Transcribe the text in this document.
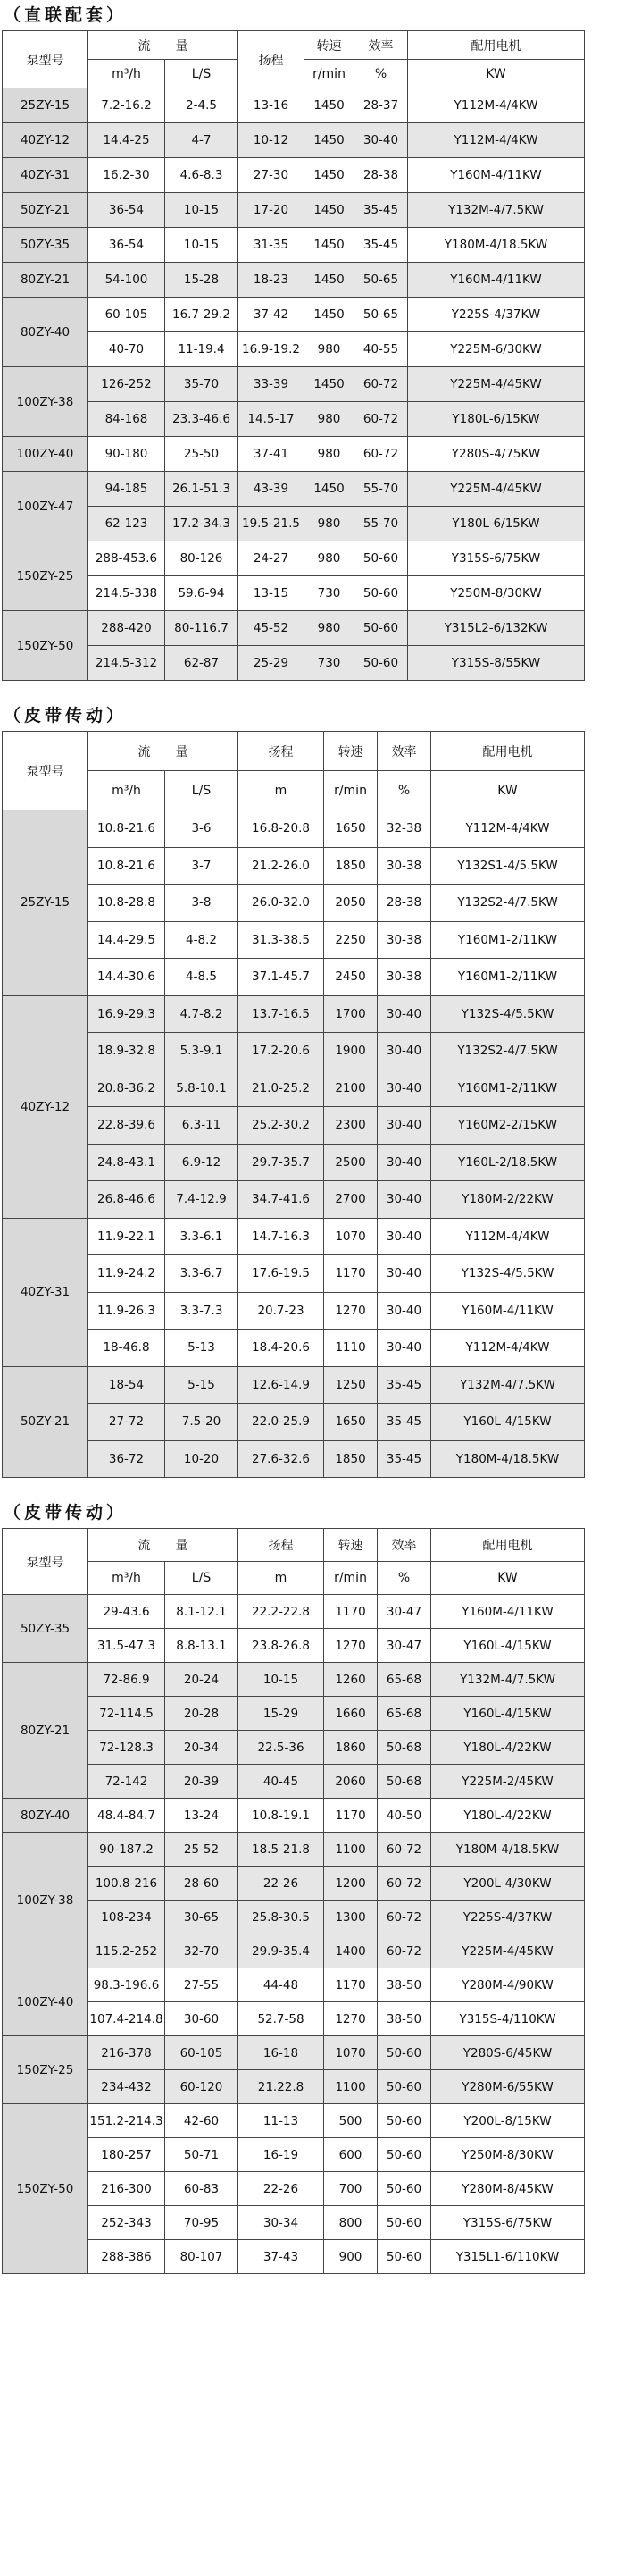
（直联配套）
泵型号	流　　量		扬程	转速	效率	配用电机
	m³/h	L/S		r/min	%	KW
25ZY-15	7.2-16.2	2-4.5	13-16	1450	28-37	Y112M-4/4KW
40ZY-12	14.4-25	4-7	10-12	1450	30-40	Y112M-4/4KW
40ZY-31	16.2-30	4.6-8.3	27-30	1450	28-38	Y160M-4/11KW
50ZY-21	36-54	10-15	17-20	1450	35-45	Y132M-4/7.5KW
50ZY-35	36-54	10-15	31-35	1450	35-45	Y180M-4/18.5KW
80ZY-21	54-100	15-28	18-23	1450	50-65	Y160M-4/11KW
80ZY-40	60-105	16.7-29.2	37-42	1450	50-65	Y225S-4/37KW
	40-70	11-19.4	16.9-19.2	980	40-55	Y225M-6/30KW
100ZY-38	126-252	35-70	33-39	1450	60-72	Y225M-4/45KW
	84-168	23.3-46.6	14.5-17	980	60-72	Y180L-6/15KW
100ZY-40	90-180	25-50	37-41	980	60-72	Y280S-4/75KW
100ZY-47	94-185	26.1-51.3	43-39	1450	55-70	Y225M-4/45KW
	62-123	17.2-34.3	19.5-21.5	980	55-70	Y180L-6/15KW
150ZY-25	288-453.6	80-126	24-27	980	50-60	Y315S-6/75KW
	214.5-338	59.6-94	13-15	730	50-60	Y250M-8/30KW
150ZY-50	288-420	80-116.7	45-52	980	50-60	Y315L2-6/132KW
	214.5-312	62-87	25-29	730	50-60	Y315S-8/55KW
（皮带传动）
泵型号	流　　量		扬程	转速	效率	配用电机
	m³/h	L/S	m	r/min	%	KW
25ZY-15	10.8-21.6	3-6	16.8-20.8	1650	32-38	Y112M-4/4KW
	10.8-21.6	3-7	21.2-26.0	1850	30-38	Y132S1-4/5.5KW
	10.8-28.8	3-8	26.0-32.0	2050	28-38	Y132S2-4/7.5KW
	14.4-29.5	4-8.2	31.3-38.5	2250	30-38	Y160M1-2/11KW
	14.4-30.6	4-8.5	37.1-45.7	2450	30-38	Y160M1-2/11KW
40ZY-12	16.9-29.3	4.7-8.2	13.7-16.5	1700	30-40	Y132S-4/5.5KW
	18.9-32.8	5.3-9.1	17.2-20.6	1900	30-40	Y132S2-4/7.5KW
	20.8-36.2	5.8-10.1	21.0-25.2	2100	30-40	Y160M1-2/11KW
	22.8-39.6	6.3-11	25.2-30.2	2300	30-40	Y160M2-2/15KW
	24.8-43.1	6.9-12	29.7-35.7	2500	30-40	Y160L-2/18.5KW
	26.8-46.6	7.4-12.9	34.7-41.6	2700	30-40	Y180M-2/22KW
40ZY-31	11.9-22.1	3.3-6.1	14.7-16.3	1070	30-40	Y112M-4/4KW
	11.9-24.2	3.3-6.7	17.6-19.5	1170	30-40	Y132S-4/5.5KW
	11.9-26.3	3.3-7.3	20.7-23	1270	30-40	Y160M-4/11KW
	18-46.8	5-13	18.4-20.6	1110	30-40	Y112M-4/4KW
50ZY-21	18-54	5-15	12.6-14.9	1250	35-45	Y132M-4/7.5KW
	27-72	7.5-20	22.0-25.9	1650	35-45	Y160L-4/15KW
	36-72	10-20	27.6-32.6	1850	35-45	Y180M-4/18.5KW
（皮带传动）
泵型号	流　　量		扬程	转速	效率	配用电机
	m³/h	L/S	m	r/min	%	KW
50ZY-35	29-43.6	8.1-12.1	22.2-22.8	1170	30-47	Y160M-4/11KW
	31.5-47.3	8.8-13.1	23.8-26.8	1270	30-47	Y160L-4/15KW
80ZY-21	72-86.9	20-24	10-15	1260	65-68	Y132M-4/7.5KW
	72-114.5	20-28	15-29	1660	65-68	Y160L-4/15KW
	72-128.3	20-34	22.5-36	1860	50-68	Y180L-4/22KW
	72-142	20-39	40-45	2060	50-68	Y225M-2/45KW
80ZY-40	48.4-84.7	13-24	10.8-19.1	1170	40-50	Y180L-4/22KW
100ZY-38	90-187.2	25-52	18.5-21.8	1100	60-72	Y180M-4/18.5KW
	100.8-216	28-60	22-26	1200	60-72	Y200L-4/30KW
	108-234	30-65	25.8-30.5	1300	60-72	Y225S-4/37KW
	115.2-252	32-70	29.9-35.4	1400	60-72	Y225M-4/45KW
100ZY-40	98.3-196.6	27-55	44-48	1170	38-50	Y280M-4/90KW
	107.4-214.8	30-60	52.7-58	1270	38-50	Y315S-4/110KW
150ZY-25	216-378	60-105	16-18	1070	50-60	Y280S-6/45KW
	234-432	60-120	21.22.8	1100	50-60	Y280M-6/55KW
150ZY-50	151.2-214.3	42-60	11-13	500	50-60	Y200L-8/15KW
	180-257	50-71	16-19	600	50-60	Y250M-8/30KW
	216-300	60-83	22-26	700	50-60	Y280M-8/45KW
	252-343	70-95	30-34	800	50-60	Y315S-6/75KW
	288-386	80-107	37-43	900	50-60	Y315L1-6/110KW
